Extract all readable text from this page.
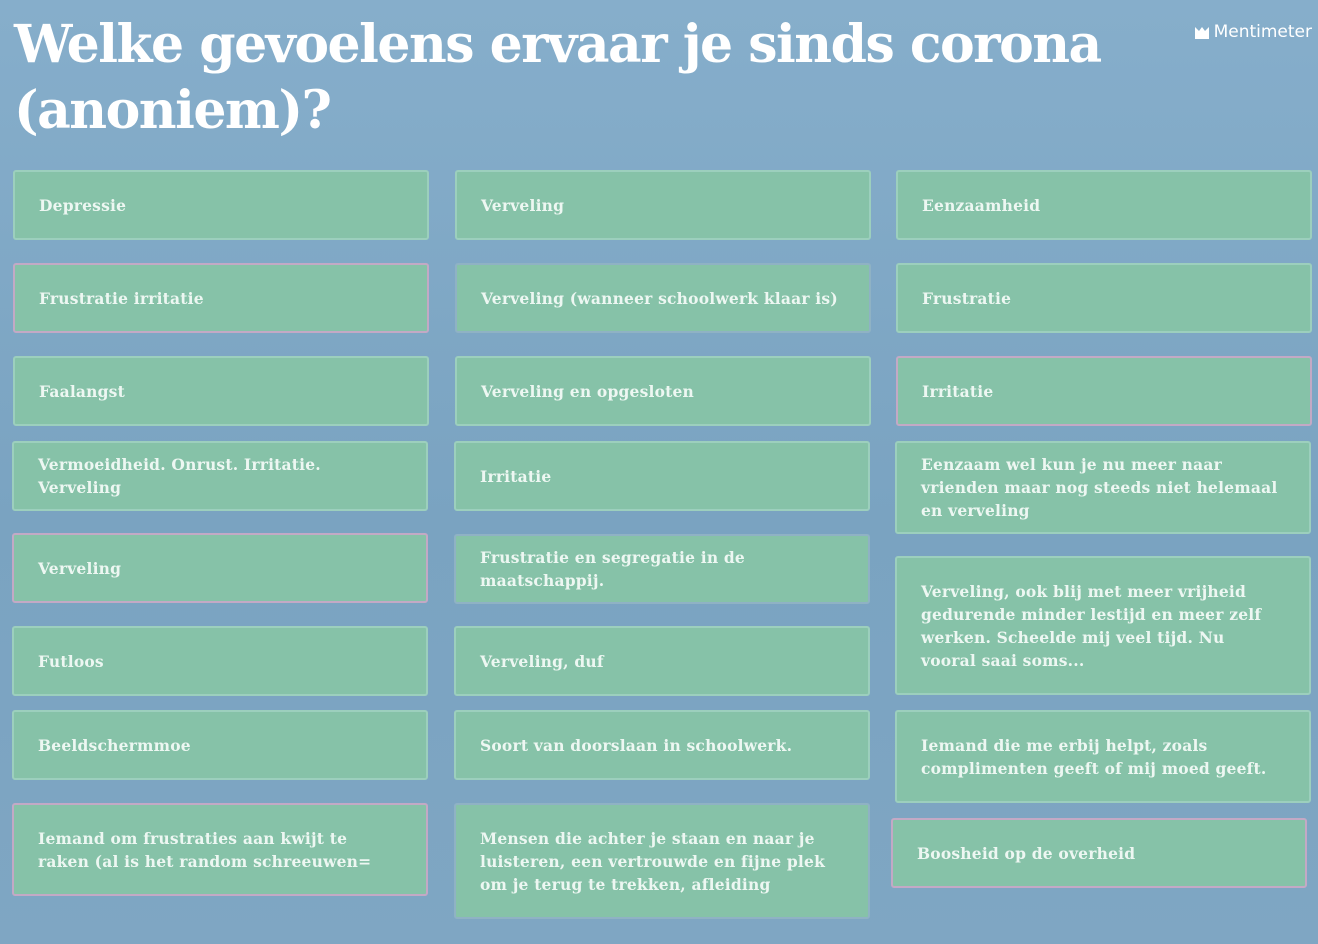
Welke gevoelens ervaar je sinds corona (anoniem)?
Mentimeter
Depressie
Frustratie irritatie
Faalangst
Vermoeidheid. Onrust. Irritatie. Verveling
Verveling
Futloos
Beeldschermmoe
Iemand om frustraties aan kwijt te raken (al is het random schreeuwen=
Verveling
Verveling (wanneer schoolwerk klaar is)
Verveling en opgesloten
Irritatie
Frustratie en segregatie in de maatschappij.
Verveling, duf
Soort van doorslaan in schoolwerk.
Mensen die achter je staan en naar je luisteren, een vertrouwde en fijne plek om je terug te trekken, afleiding
Eenzaamheid
Frustratie
Irritatie
Eenzaam wel kun je nu meer naar vrienden maar nog steeds niet helemaal en verveling
Verveling, ook blij met meer vrijheid gedurende minder lestijd en meer zelf werken. Scheelde mij veel tijd. Nu vooral saai soms...
Iemand die me erbij helpt, zoals complimenten geeft of mij moed geeft.
Boosheid op de overheid
